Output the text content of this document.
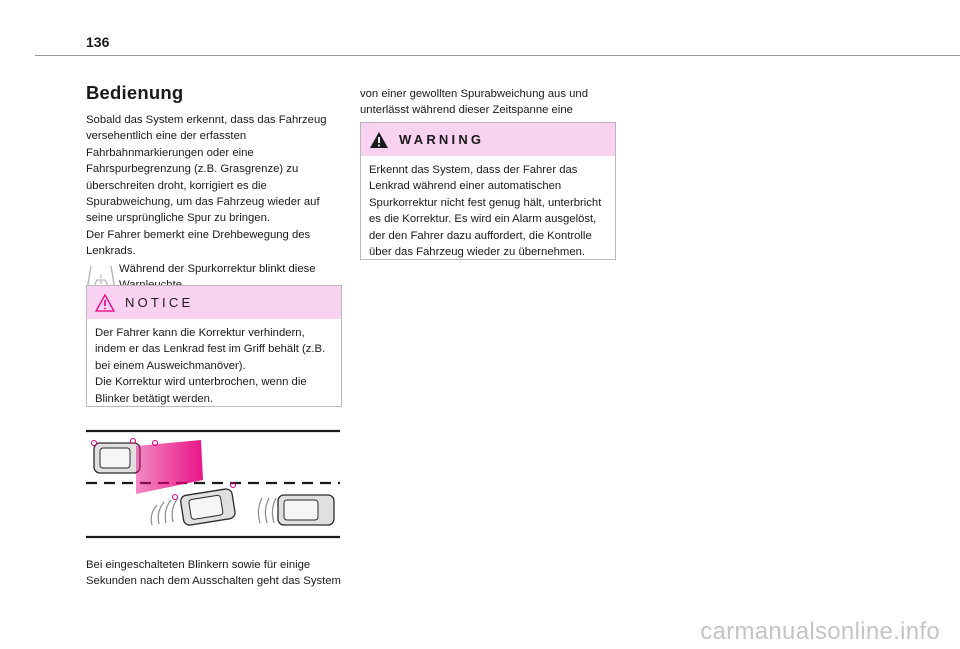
136
Bedienung

Sobald das System erkennt, dass das Fahrzeug versehentlich eine der erfassten Fahrbahnmarkierungen oder eine Fahrspurbegrenzung (z.B. Grasgrenze) zu überschreiten droht, korrigiert es die Spurabweichung, um das Fahrzeug wieder auf seine ursprüngliche Spur zu bringen.

Der Fahrer bemerkt eine Drehbewegung des Lenkrads.

Während der Spurkorrektur blinkt diese

NOTICE

Der Fahrer kann die Korrektur verhindern, indem er das Lenkrad fest im Griff behält (z.B. bei einem Ausweichmanöver).

Die Korrektur wird unterbrochen, wenn die Blinker betätigt werden.

Bei eingeschalteten Blinkern sowie für einige Sekunden nach dem Ausschalten geht das System

von einer gewollten Spurabweichung aus und unterlässt während dieser Zeitspanne eine

WARNING

Erkennt das System, dass der Fahrer das Lenkrad während einer automatischen Spurkorrektur nicht fest genug hält, unterbricht es die Korrektur. Es wird ein Alarm ausgelöst, der den Fahrer dazu auffordert, die Kontrolle über das Fahrzeug wieder zu übernehmen.

carmanualsonline.info
